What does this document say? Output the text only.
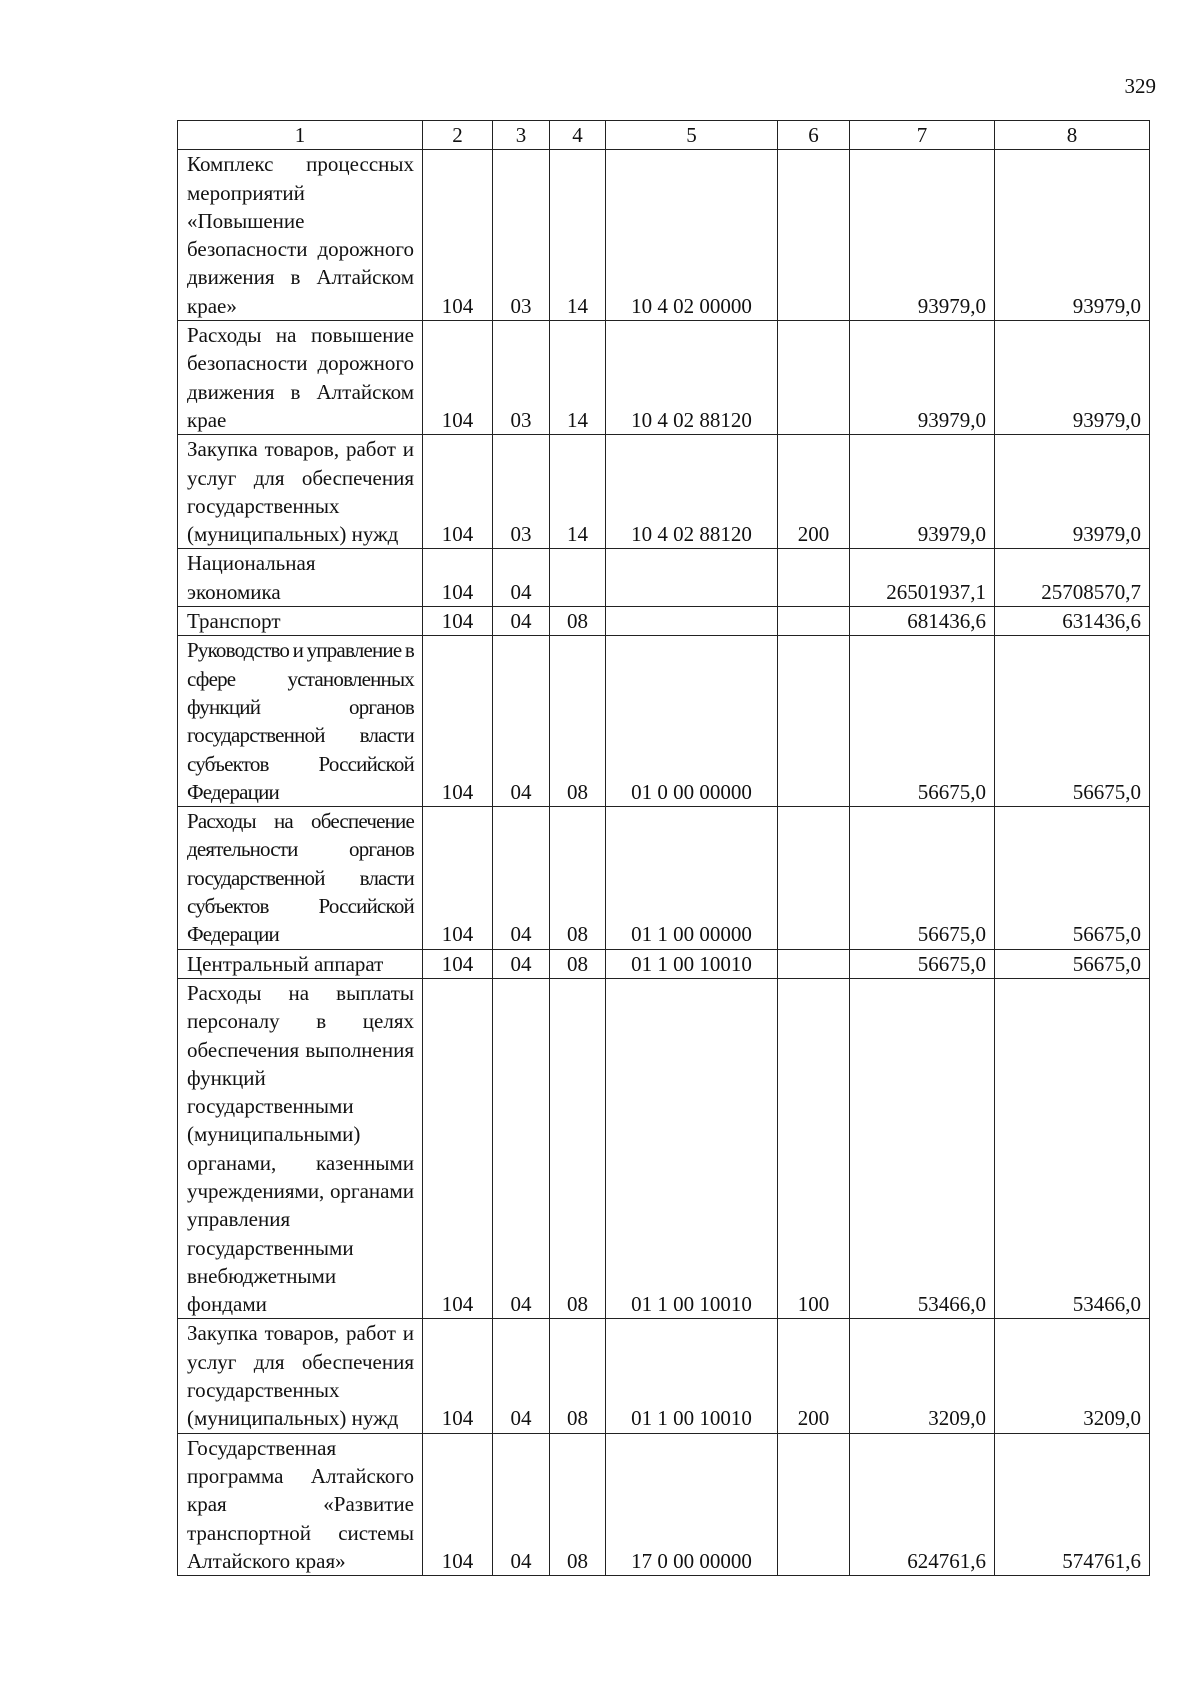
329
1	2	3	4	5	6	7	8
Комплекс процессных мероприятий «Повышение безопасности дорожного движения в Алтайском крае»	104	03	14	10 4 02 00000		93979,0	93979,0
Расходы на повышение безопасности дорожного движения в Алтайском крае	104	03	14	10 4 02 88120		93979,0	93979,0
Закупка товаров, работ и услуг для обеспечения государственных (муниципальных) нужд	104	03	14	10 4 02 88120	200	93979,0	93979,0
Национальная экономика	104	04				26501937,1	25708570,7
Транспорт	104	04	08			681436,6	631436,6
Руководство и управление в сфере установленных функций органов государственной власти субъектов Российской Федерации	104	04	08	01 0 00 00000		56675,0	56675,0
Расходы на обеспечение деятельности органов государственной власти субъектов Российской Федерации	104	04	08	01 1 00 00000		56675,0	56675,0
Центральный аппарат	104	04	08	01 1 00 10010		56675,0	56675,0
Расходы на выплаты персоналу в целях обеспечения выполнения функций государственными (муниципальными) органами, казенными учреждениями, органами управления государственными внебюджетными фондами	104	04	08	01 1 00 10010	100	53466,0	53466,0
Закупка товаров, работ и услуг для обеспечения государственных (муниципальных) нужд	104	04	08	01 1 00 10010	200	3209,0	3209,0
Государственная программа Алтайского края «Развитие транспортной системы Алтайского края»	104	04	08	17 0 00 00000		624761,6	574761,6
